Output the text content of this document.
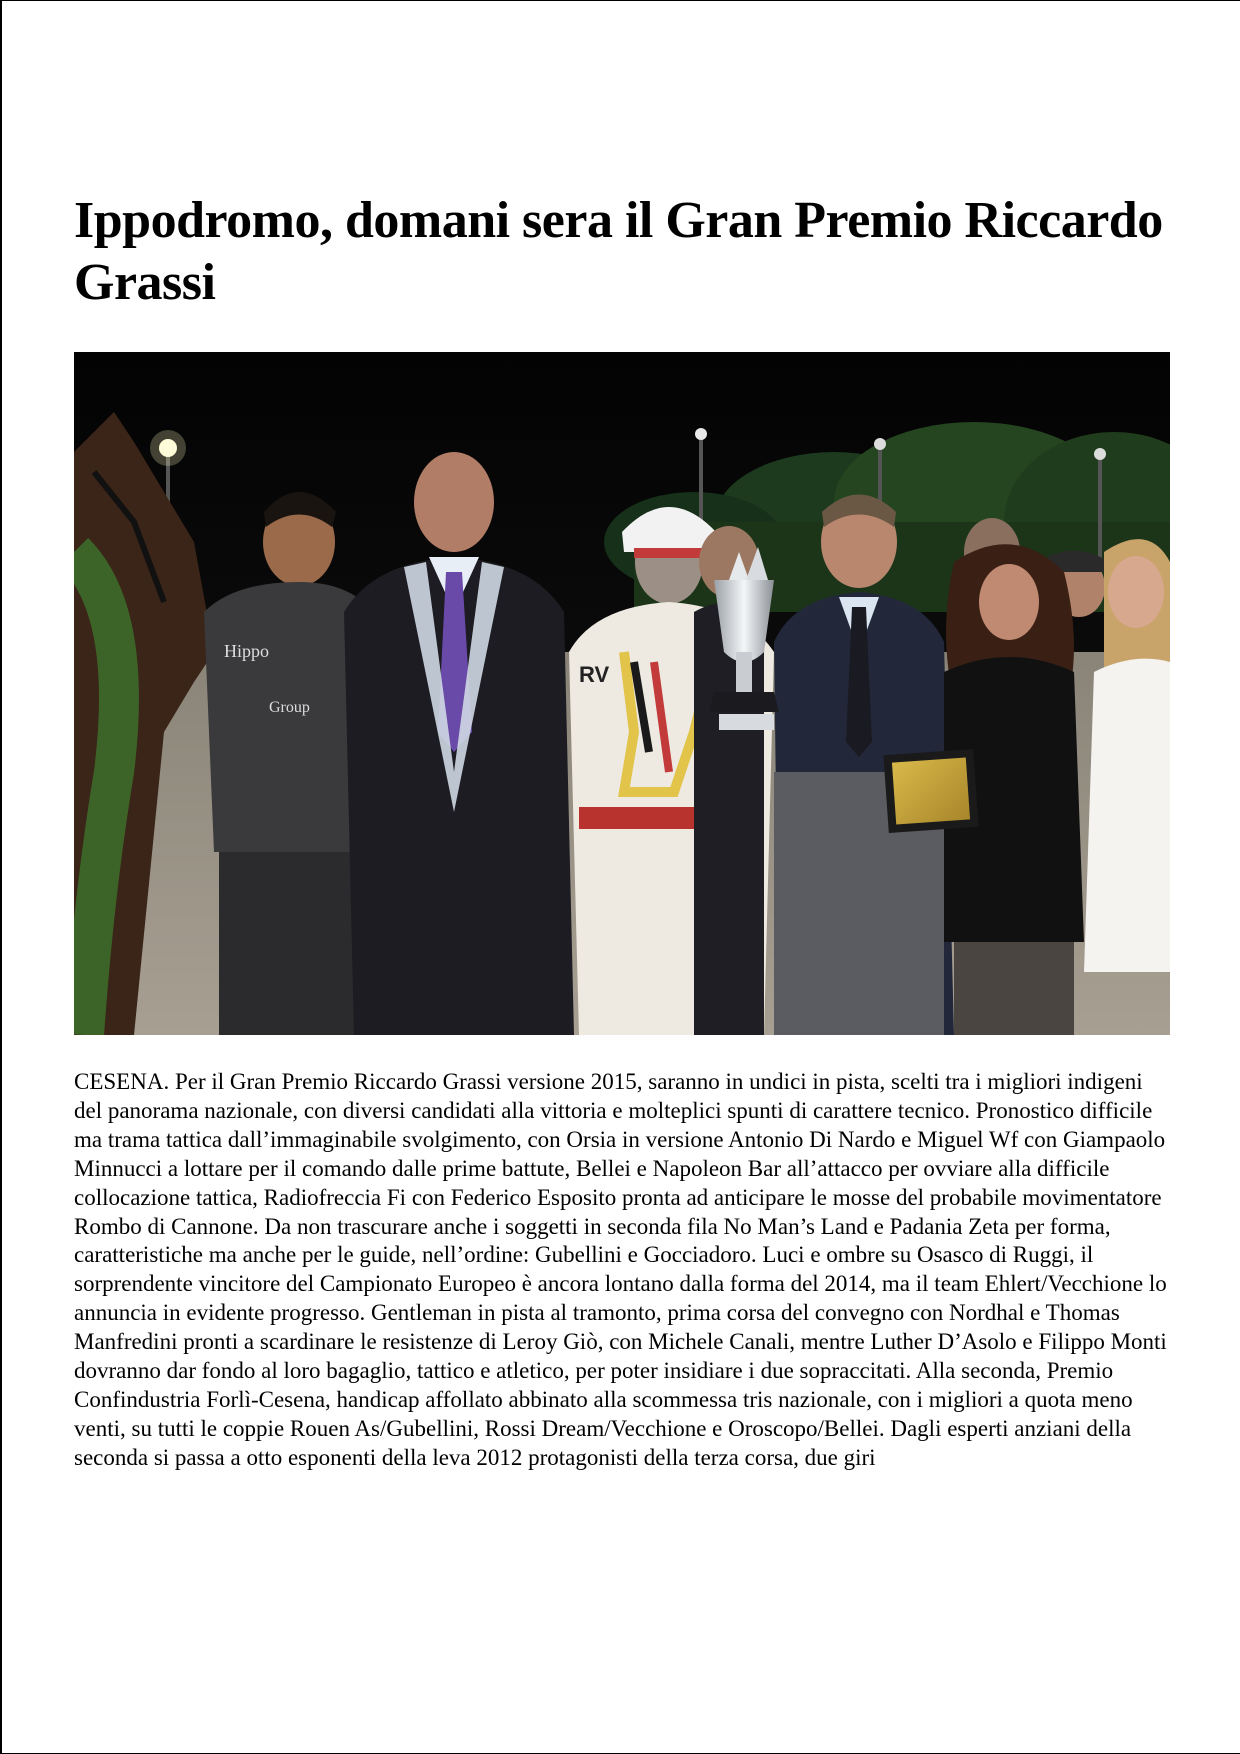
Ippodromo, domani sera il Gran Premio Riccardo Grassi
Hippo
Group
RV

CESENA. Per il Gran Premio Riccardo Grassi versione 2015, saranno in undici in pista, scelti tra i migliori indigeni del panorama nazionale, con diversi candidati alla vittoria e molteplici spunti di carattere tecnico. Pronostico difficile ma trama tattica dall’immaginabile svolgimento, con Orsia in versione Antonio Di Nardo e Miguel Wf con Giampaolo Minnucci a lottare per il comando dalle prime battute, Bellei e Napoleon Bar all’attacco per ovviare alla difficile collocazione tattica, Radiofreccia Fi con Federico Esposito pronta ad anticipare le mosse del probabile movimentatore Rombo di Cannone. Da non trascurare anche i soggetti in seconda fila No Man’s Land e Padania Zeta per forma, caratteristiche ma anche per le guide, nell’ordine: Gubellini e Gocciadoro. Luci e ombre su Osasco di Ruggi, il sorprendente vincitore del Campionato Europeo è ancora lontano dalla forma del 2014, ma il team Ehlert/Vecchione lo annuncia in evidente progresso. Gentleman in pista al tramonto, prima corsa del convegno con Nordhal e Thomas Manfredini pronti a scardinare le resistenze di Leroy Giò, con Michele Canali, mentre Luther D’Asolo e Filippo Monti dovranno dar fondo al loro bagaglio, tattico e atletico, per poter insidiare i due sopraccitati. Alla seconda, Premio Confindustria Forlì-Cesena, handicap affollato abbinato alla scommessa tris nazionale, con i migliori a quota meno venti, su tutti le coppie Rouen As/Gubellini, Rossi Dream/Vecchione e Oroscopo/Bellei. Dagli esperti anziani della seconda si passa a otto esponenti della leva 2012 protagonisti della terza corsa, due giri
